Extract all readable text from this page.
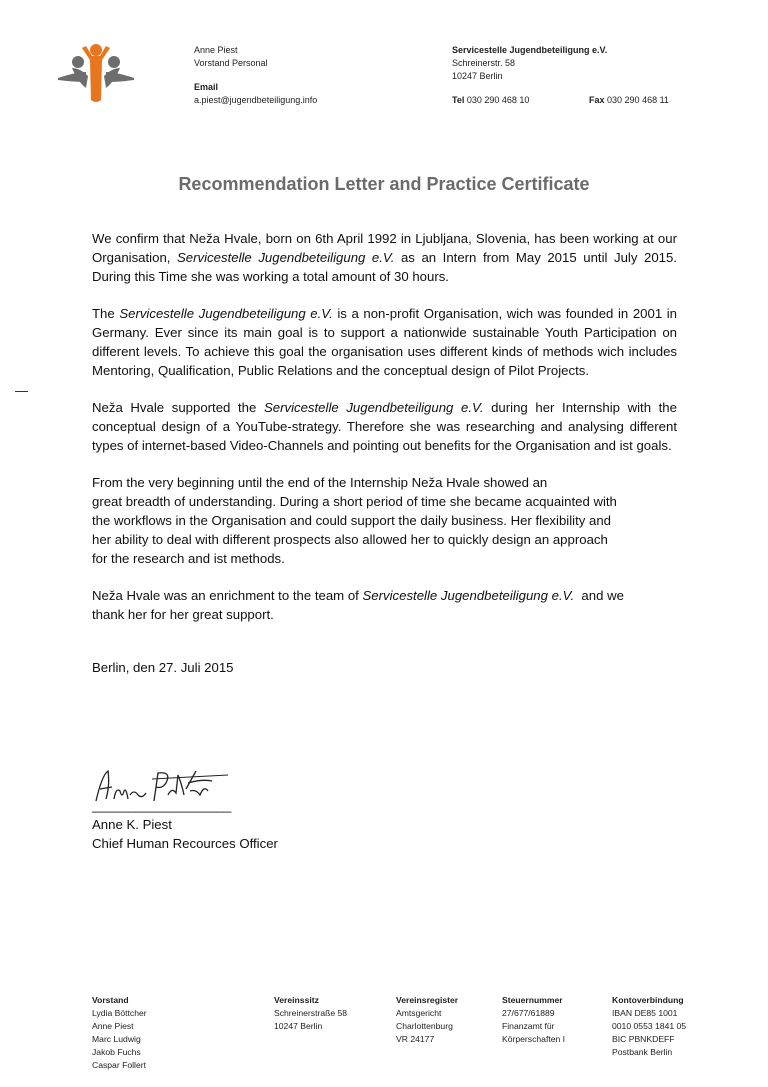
Anne Piest
Vorstand Personal
Email
a.piest@jugendbeteiligung.info
Servicestelle Jugendbeteiligung e.V.
Schreinerstr. 58
10247 Berlin
Tel 030 290 468 10	Fax 030 290 468 11
Recommendation Letter and Practice Certificate

We confirm that Neža Hvale, born on 6th April 1992 in Ljubljana, Slovenia, has been working at our Organisation, Servicestelle Jugendbeteiligung e.V. as an Intern from May 2015 until July 2015. During this Time she was working a total amount of 30 hours.

The Servicestelle Jugendbeteiligung e.V. is a non-profit Organisation, wich was founded in 2001 in Germany. Ever since its main goal is to support a nationwide sustainable Youth Participation on different levels. To achieve this goal the organisation uses different kinds of methods wich includes Mentoring, Qualification, Public Relations and the conceptual design of Pilot Projects.

Neža Hvale supported the Servicestelle Jugendbeteiligung e.V. during her Internship with the conceptual design of a YouTube-strategy. Therefore she was researching and analysing different types of internet-based Video-Channels and pointing out benefits for the Organisation and ist goals.

From the very beginning until the end of the Internship Neža Hvale showed an
great breadth of understanding. During a short period of time she became acquainted with
the workflows in the Organisation and could support the daily business. Her flexibility and
her ability to deal with different prospects also allowed her to quickly design an approach
for the research and ist methods.
Neža Hvale was an enrichment to the team of Servicestelle Jugendbeteiligung e.V.  and we
thank her for her great support.
Berlin, den 27. Juli 2015
___________________
Anne K. Piest
Chief Human Recources Officer
Vorstand
Lydia Böttcher
Anne Piest
Marc Ludwig
Jakob Fuchs
Caspar Follert
Vereinssitz
Schreinerstraße 58
10247 Berlin
Vereinsregister
Amtsgericht
Charlottenburg
VR 24177
Steuernummer
27/677/61889
Finanzamt für
Körperschaften I
Kontoverbindung
IBAN DE85 1001
0010 0553 1841 05
BIC PBNKDEFF
Postbank Berlin
